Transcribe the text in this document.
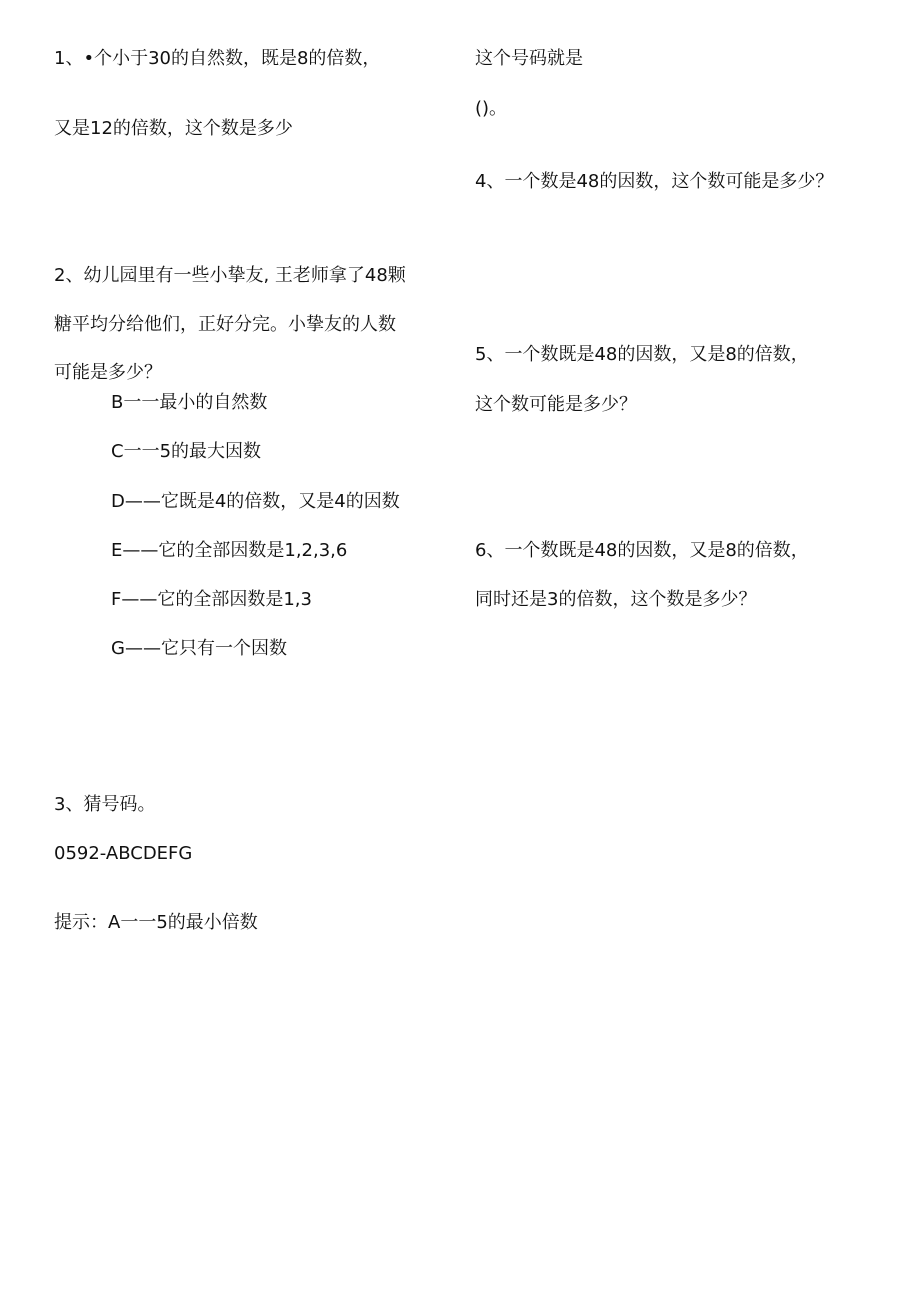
1、•个小于30的自然数，既是8的倍数，
又是12的倍数，这个数是多少
2、幼儿园里有一些小挚友, 王老师拿了48颗
糖平均分给他们，正好分完。小挚友的人数
可能是多少？
B一一最小的自然数
C一一5的最大因数
D——它既是4的倍数，又是4的因数
E——它的全部因数是1,2,3,6
F——它的全部因数是1,3
G——它只有一个因数
3、猜号码。
0592-ABCDEFG
提示：A一一5的最小倍数
这个号码就是
()。
4、一个数是48的因数，这个数可能是多少？
5、一个数既是48的因数，又是8的倍数，
这个数可能是多少？
6、一个数既是48的因数，又是8的倍数，
同时还是3的倍数，这个数是多少？
